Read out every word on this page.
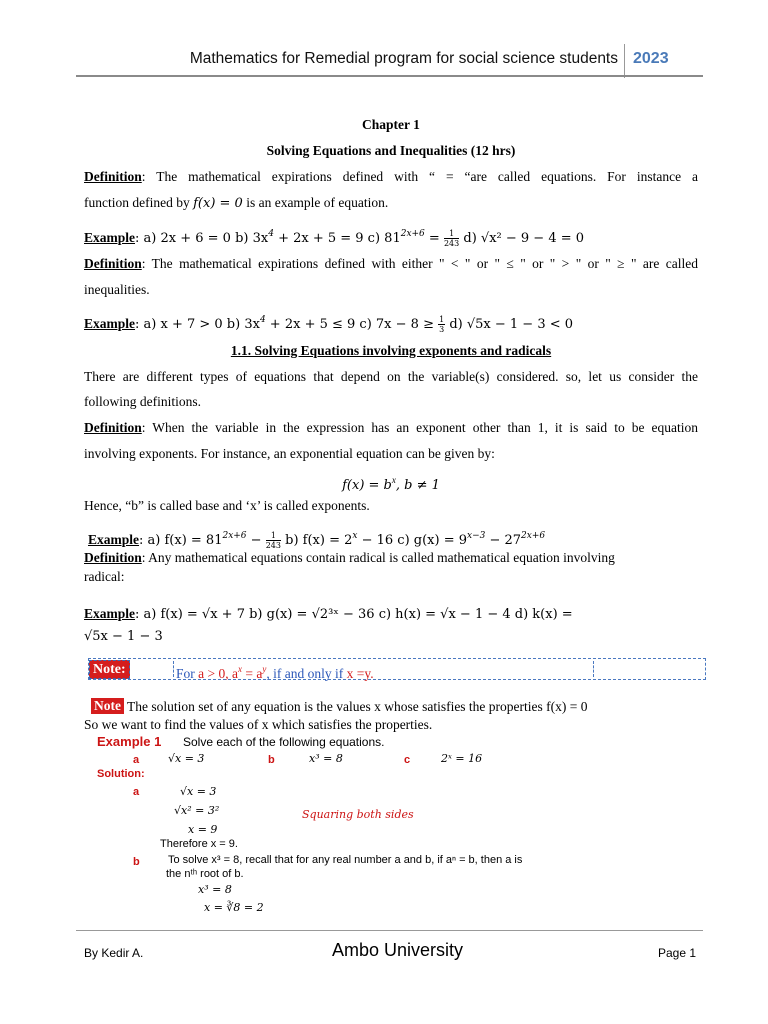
Mathematics for Remedial program for social science students 2023
Chapter 1
Solving Equations and Inequalities (12 hrs)
Definition: The mathematical expirations defined with “ = “are called equations. For instance a
function defined by f(x) = 0 is an example of equation.
Example: a) 2x + 6 = 0 b) $3x^4 + 2x + 5 = 9$ c) $81^{2x+6} = \frac{1}{243} d$) √x² − 9 − 4 = 0
Definition: The mathematical expirations defined with either " < " or " ≤ " or " > " or " ≥ " are called
inequalities.
Example: a) x + 7 > 0 b) $3x^4 + 2x + 5 \le 9$ c) $7x - 8 \ge \frac{1}{3} d$) √5x − 1 − 3 < 0
1.1. Solving Equations involving exponents and radicals
There are different types of equations that depend on the variable(s) considered. so, let us consider the
following definitions.
Definition: When the variable in the expression has an exponent other than 1, it is said to be equation
involving exponents. For instance, an exponential equation can be given by:
$f(x) = b^x$, b ≠ 1
Hence, “b” is called base and ‘x’ is called exponents.
Example: a) $f(x) = 81^{2x+6} - \frac{1}{243} b$) $f(x) = 2^x - 16$ c) $g(x) = 9^{x-3} - 27^{2x+6}$
Definition: Any mathematical equations contain radical is called mathematical equation involving
radical:
Example: a) f(x) = √x + 7 b) g(x) = √2³ˣ − 36 c) h(x) = √x − 1 − 4 d) k(x) =
√5x − 1 − 3
Note:	For a > 0, $a^x = a^y$, if and only if x =y.
Note The solution set of any equation is the values x whose satisfies the properties f(x) = 0
So we want to find the values of x which satisfies the properties.
Example 1 Solve each of the following equations.
a	√x = 3	b	x³ = 8	c	2ˣ = 16
Solution:
a	√x = 3
√x² = 3²	Squaring both sides
x = 9
Therefore x = 9.
b	To solve x³ = 8, recall that for any real number a and b, if aⁿ = b, then a is
the nᵗʰ root of b.
x³ = 8
x = ∛8 = 2
By Kedir A.	Ambo University	Page 1
